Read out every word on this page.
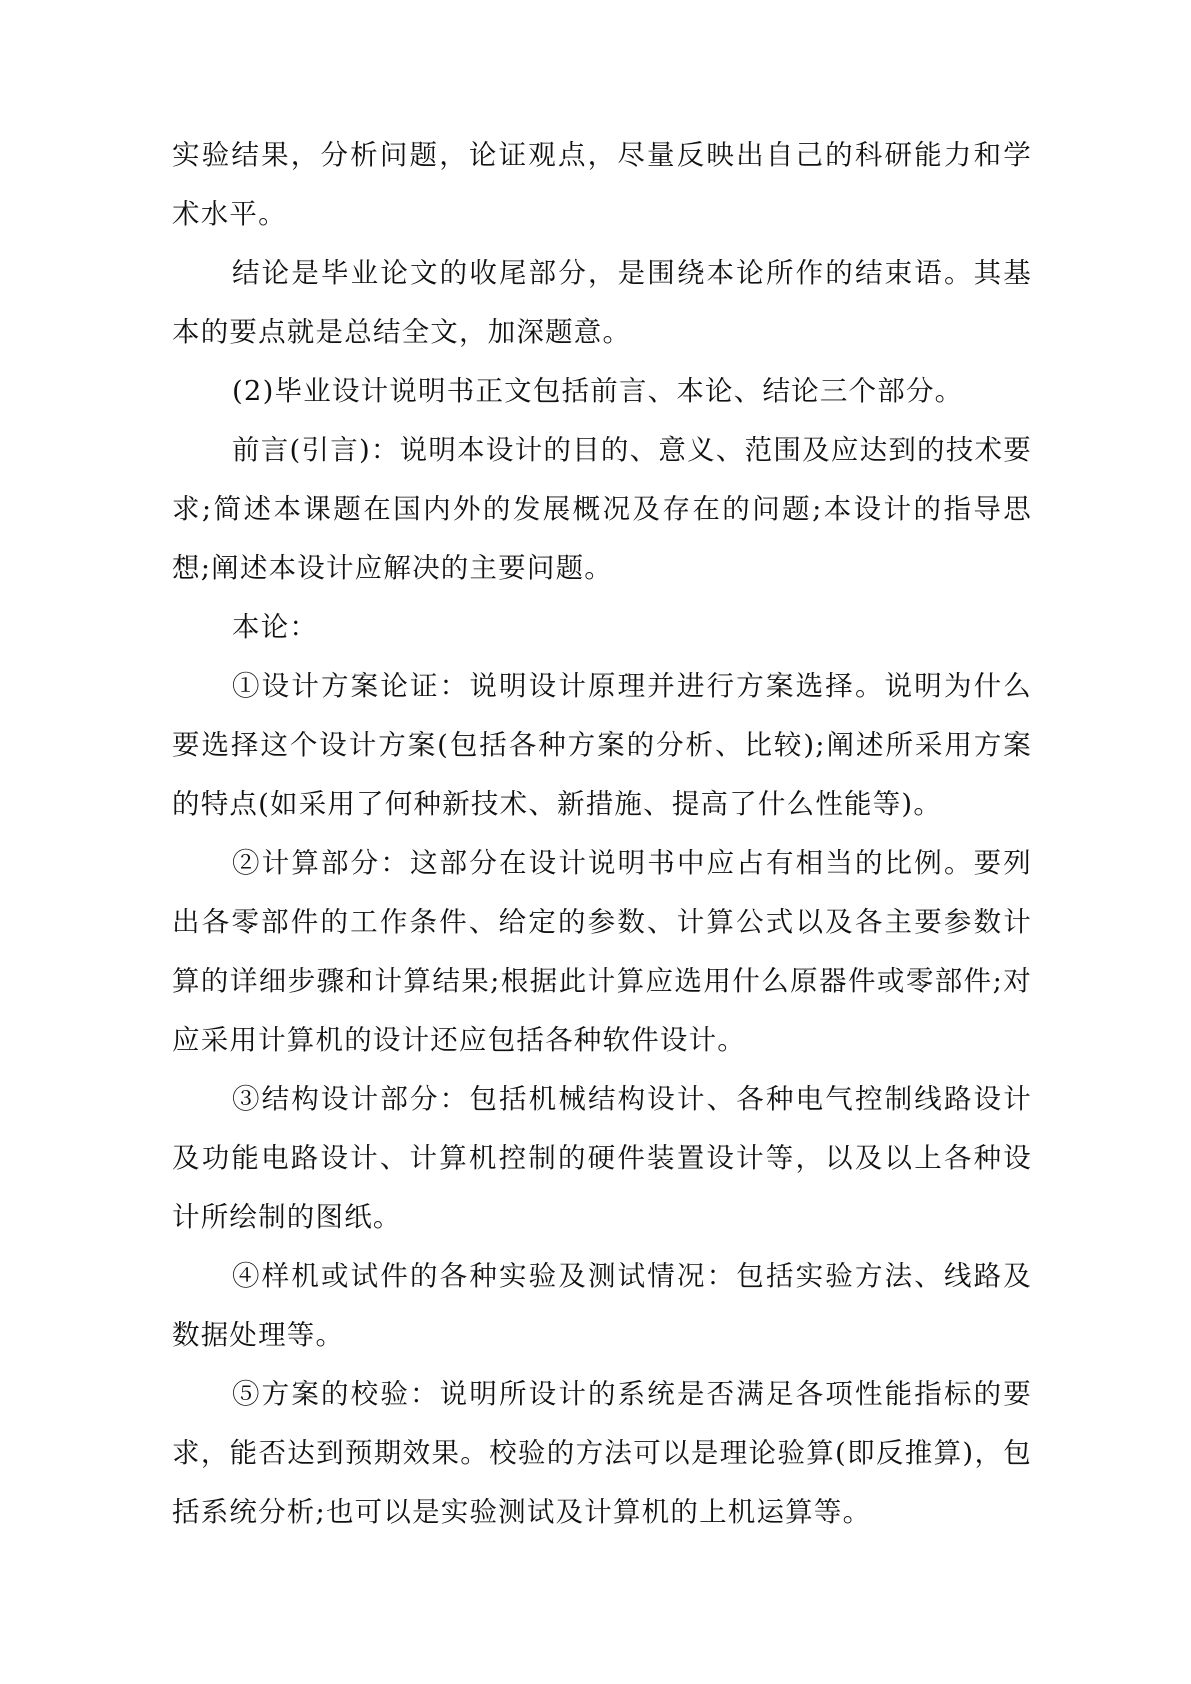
实验结果，分析问题，论证观点，尽量反映出自己的科研能力和学术水平。

结论是毕业论文的收尾部分，是围绕本论所作的结束语。其基本的要点就是总结全文，加深题意。

(2)毕业设计说明书正文包括前言、本论、结论三个部分。

前言(引言)：说明本设计的目的、意义、范围及应达到的技术要求;简述本课题在国内外的发展概况及存在的问题;本设计的指导思想;阐述本设计应解决的主要问题。

本论：

①设计方案论证：说明设计原理并进行方案选择。说明为什么要选择这个设计方案(包括各种方案的分析、比较);阐述所采用方案的特点(如采用了何种新技术、新措施、提高了什么性能等)。

②计算部分：这部分在设计说明书中应占有相当的比例。要列出各零部件的工作条件、给定的参数、计算公式以及各主要参数计算的详细步骤和计算结果;根据此计算应选用什么原器件或零部件;对应采用计算机的设计还应包括各种软件设计。

③结构设计部分：包括机械结构设计、各种电气控制线路设计及功能电路设计、计算机控制的硬件装置设计等，以及以上各种设计所绘制的图纸。

④样机或试件的各种实验及测试情况：包括实验方法、线路及数据处理等。

⑤方案的校验：说明所设计的系统是否满足各项性能指标的要求，能否达到预期效果。校验的方法可以是理论验算(即反推算)，包括系统分析;也可以是实验测试及计算机的上机运算等。
